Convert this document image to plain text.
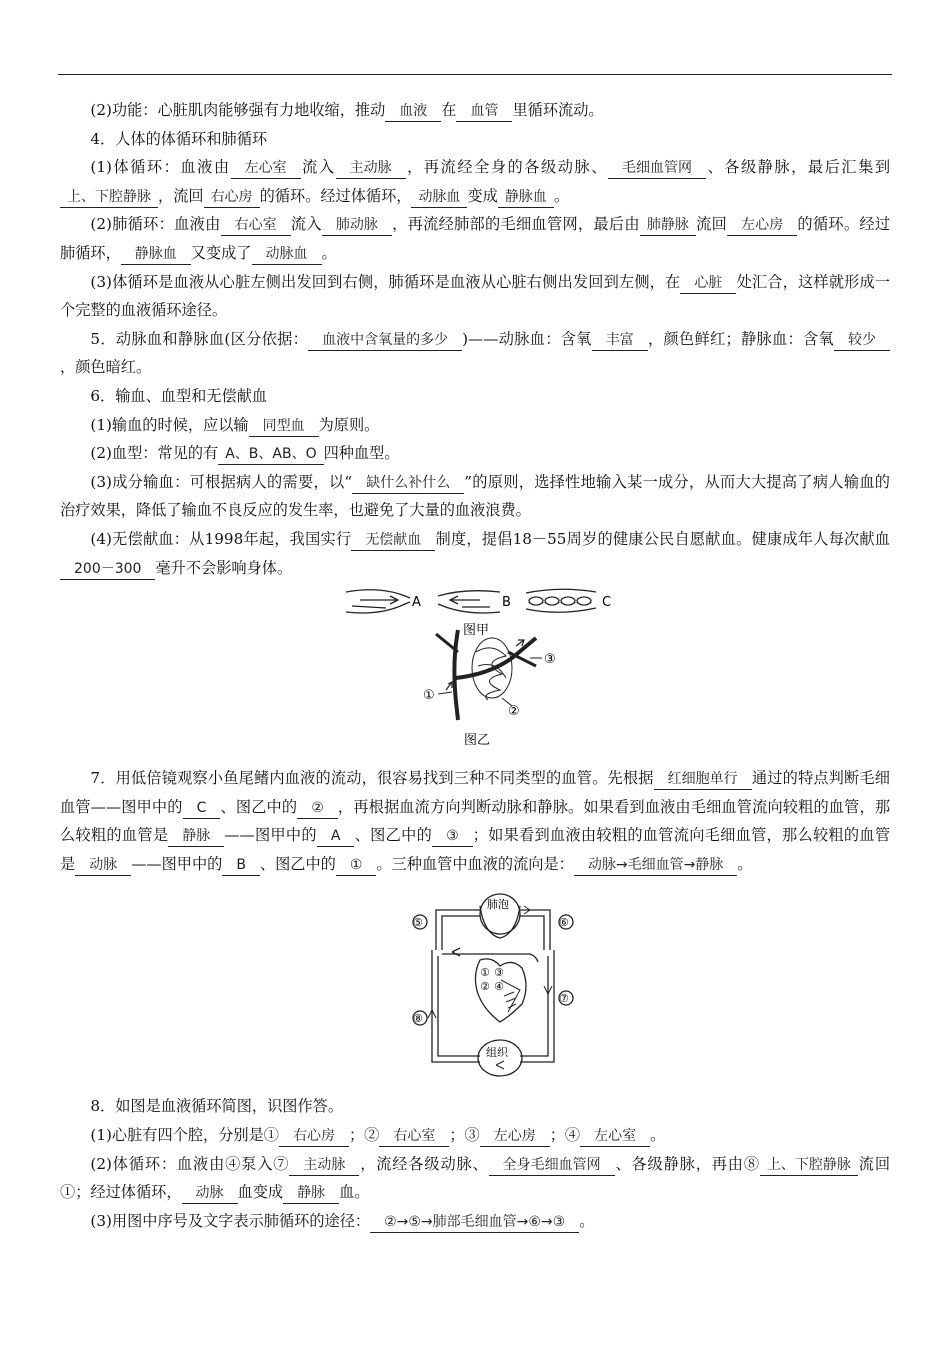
(2)功能：心脏肌肉能够强有力地收缩，推动 血液 在 血管 里循环流动。

4．人体的体循环和肺循环

(1)体循环：血液由 左心室 流入 主动脉 ，再流经全身的各级动脉、 毛细血管网 、各级静脉，最后汇集到上、下腔静脉 ，流回 右心房 的循环。经过体循环， 动脉血 变成 静脉血 。

(2)肺循环：血液由 右心室 流入 肺动脉 ，再流经肺部的毛细血管网，最后由 肺静脉 流回 左心房 的循环。经过肺循环， 静脉血 又变成了 动脉血 。

(3)体循环是血液从心脏左侧出发回到右侧，肺循环是血液从心脏右侧出发回到左侧，在 心脏 处汇合，这样就形成一个完整的血液循环途径。

5．动脉血和静脉血(区分依据： 血液中含氧量的多少 )——动脉血：含氧 丰富 ，颜色鲜红；静脉血：含氧 较少，颜色暗红。

6．输血、血型和无偿献血

(1)输血的时候，应以输 同型血 为原则。

(2)血型：常见的有 A、B、AB、O 四种血型。

(3)成分输血：可根据病人的需要，以“ 缺什么补什么 ”的原则，选择性地输入某一成分，从而大大提高了病人输血的治疗效果，降低了输血不良反应的发生率，也避免了大量的血液浪费。

(4)无偿献血：从1998年起，我国实行 无偿献血 制度，提倡18－55周岁的健康公民自愿献血。健康成年人每次献血200－300 毫升不会影响身体。

A	B	C
图甲
③
①
②
图乙

7．用低倍镜观察小鱼尾鳍内血液的流动，很容易找到三种不同类型的血管。先根据 红细胞单行 通过的特点判断毛细血管——图甲中的 C 、图乙中的 ② ，再根据血流方向判断动脉和静脉。如果看到血液由毛细血管流向较粗的血管，那么较粗的血管是 静脉 ——图甲中的 A 、图乙中的 ③ ；如果看到血液由较粗的血管流向毛细血管，那么较粗的血管是 动脉 ——图甲中的 B 、图乙中的 ① 。三种血管中血液的流向是： 动脉→毛细血管→静脉 。

肺泡
组织
①
②
③
④
⑤	⑥
⑦
⑧

8．如图是血液循环简图，识图作答。

(1)心脏有四个腔，分别是① 右心房 ；② 右心室 ；③ 左心房 ；④ 左心室 。

(2)体循环：血液由④泵入⑦ 主动脉 ，流经各级动脉、 全身毛细血管网 、各级静脉，再由⑧ 上、下腔静脉 流回①；经过体循环， 动脉 血变成 静脉 血。

(3)用图中序号及文字表示肺循环的途径： ②→⑤→肺部毛细血管→⑥→③ 。
